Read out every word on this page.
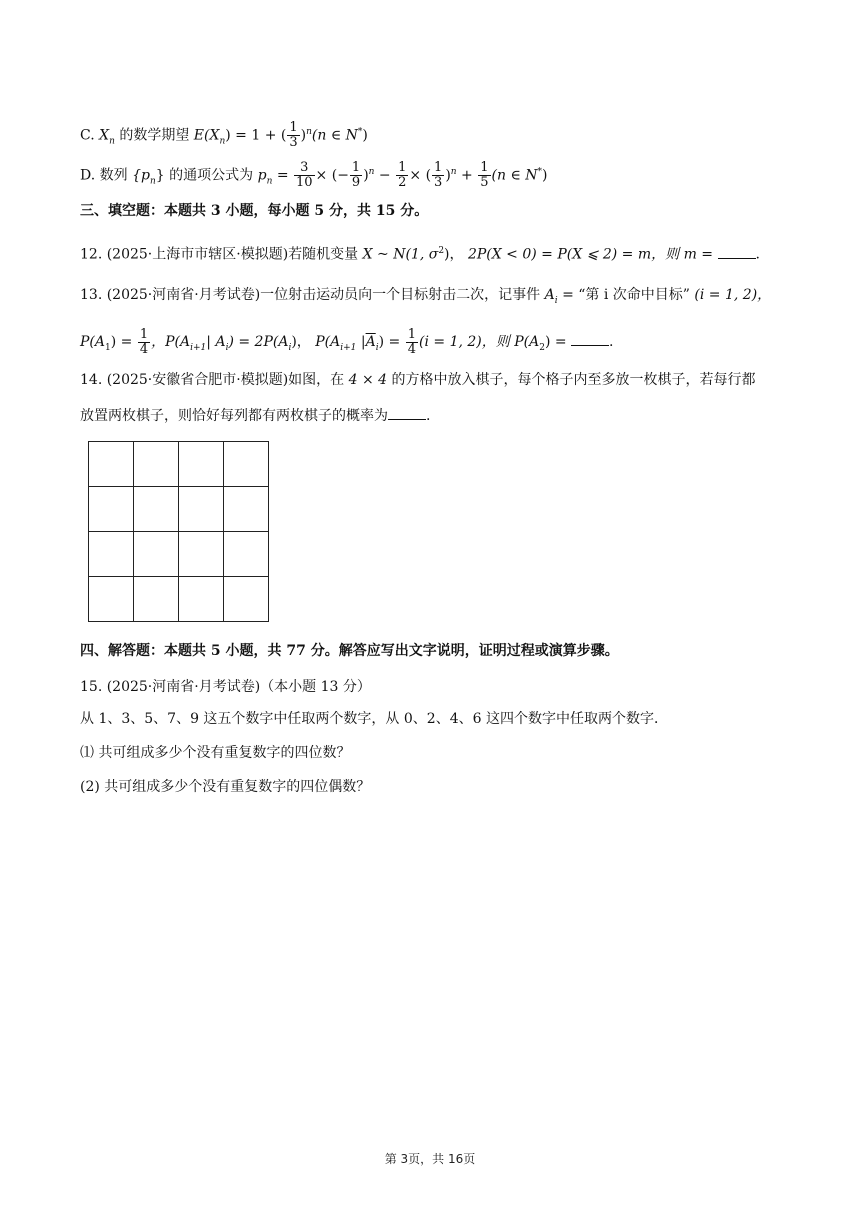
C. $X_n$ 的数学期望 $E(X_n) = 1$ + ( $\frac{1}{3} )^n(n$ ∈ N*)
D. 数列 $\{p_n\}$ 的通项公式为 $p_n = \frac{3}{10}$ × (− $\frac{1}{9} )^n - \frac{1}{2}$ × ( $\frac{1}{3} )^n + \frac{1}{5} (n$ ∈ N*)
三、填空题：本题共 3 小题，每小题 5 分，共 15 分。
12. (2025·上海市市辖区·模拟题)若随机变量 X ~ N(1, $\sigma^2$)， 2P(X < 0) = P(X ⩽ 2) = m，则 m =	.
13. (2025·河南省·月考试卷)一位射击运动员向一个目标射击二次，记事件 $A_i$ = “第 i 次命中目标” (i = 1, 2)，
$P(A_1) = \frac{1}{4}$ ，$P(A_{i+1}|$ $A_i) = 2P(A_i)$， $P(A_{i+1}$ $|\overline{A}_i) = \frac{1}{4} (i = 1$, 2)，则 $P(A_2)$ =	.
14. (2025·安徽省合肥市·模拟题)如图，在 4 × 4 的方格中放入棋子，每个格子内至多放一枚棋子，若每行都
放置两枚棋子，则恰好每列都有两枚棋子的概率为	.
四、解答题：本题共 5 小题，共 77 分。解答应写出文字说明，证明过程或演算步骤。
15. (2025·河南省·月考试卷)（本小题 13 分）
从 1、3、5、7、9 这五个数字中任取两个数字，从 0、2、4、6 这四个数字中任取两个数字．
⑴ 共可组成多少个没有重复数字的四位数？
(2) 共可组成多少个没有重复数字的四位偶数？
第 3页，共 16页
